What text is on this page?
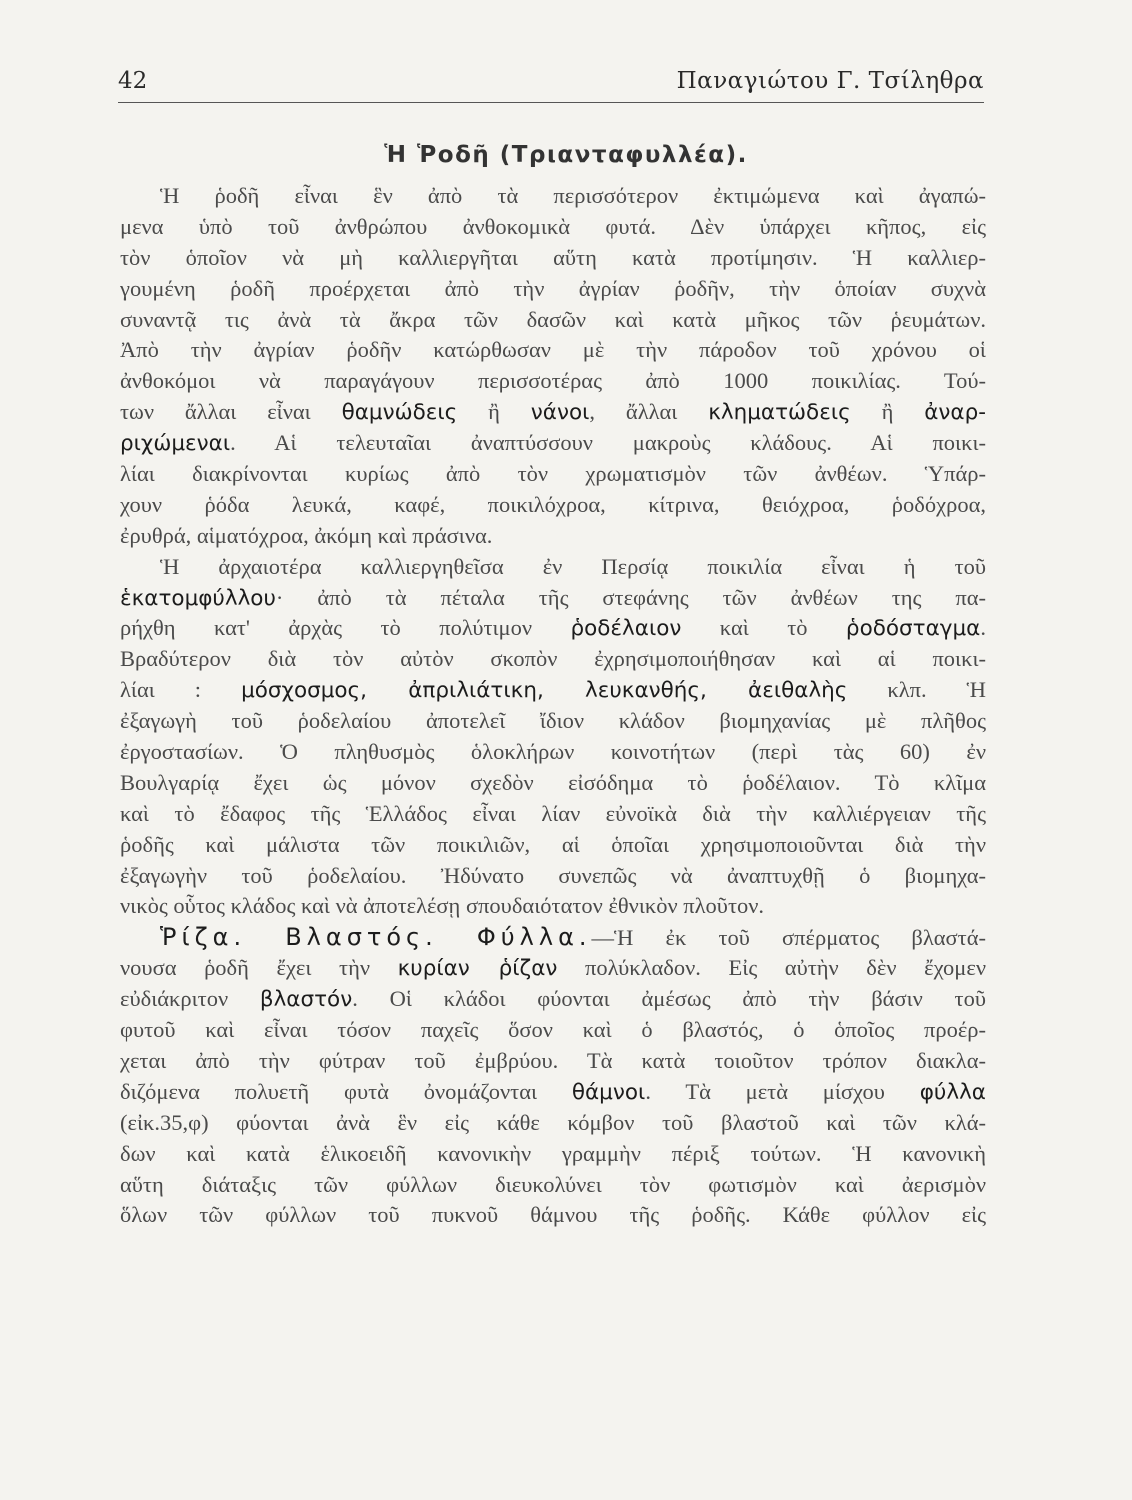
42	Παναγιώτου Γ. Τσίληθρα
Ἡ Ῥοδῆ (Τριανταφυλλέα).
Ἡ ῥοδῆ εἶναι ἓν ἀπὸ τὰ περισσότερον ἐκτιμώμενα καὶ ἀγαπώ-
μενα ὑπὸ τοῦ ἀνθρώπου ἀνθοκομικὰ φυτά. Δὲν ὑπάρχει κῆπος, εἰς
τὸν ὁποῖον νὰ μὴ καλλιεργῆται αὕτη κατὰ προτίμησιν. Ἡ καλλιερ-
γουμένη ῥοδῆ προέρχεται ἀπὸ τὴν ἀγρίαν ῥοδῆν, τὴν ὁποίαν συχνὰ
συναντᾷ τις ἀνὰ τὰ ἄκρα τῶν δασῶν καὶ κατὰ μῆκος τῶν ῥευμάτων.
Ἀπὸ τὴν ἀγρίαν ῥοδῆν κατώρθωσαν μὲ τὴν πάροδον τοῦ χρόνου οἱ
ἀνθοκόμοι νὰ παραγάγουν περισσοτέρας ἀπὸ 1000 ποικιλίας. Τού-
των ἄλλαι εἶναι θαμνώδεις ἢ νάνοι, ἄλλαι κληματώδεις ἢ ἀναρ-
ριχώμεναι. Αἱ τελευταῖαι ἀναπτύσσουν μακροὺς κλάδους. Αἱ ποικι-
λίαι διακρίνονται κυρίως ἀπὸ τὸν χρωματισμὸν τῶν ἀνθέων. Ὑπάρ-
χουν ῥόδα λευκά, καφέ, ποικιλόχροα, κίτρινα, θειόχροα, ῥοδόχροα,
ἐρυθρά, αἱματόχροα, ἀκόμη καὶ πράσινα.
Ἡ ἀρχαιοτέρα καλλιεργηθεῖσα ἐν Περσίᾳ ποικιλία εἶναι ἡ τοῦ
ἑκατομφύλλου· ἀπὸ τὰ πέταλα τῆς στεφάνης τῶν ἀνθέων της πα-
ρήχθη κατ' ἀρχὰς τὸ πολύτιμον ῥοδέλαιον καὶ τὸ ῥοδόσταγμα.
Βραδύτερον διὰ τὸν αὐτὸν σκοπὸν ἐχρησιμοποιήθησαν καὶ αἱ ποικι-
λίαι : μόσχοσμος, ἀπριλιάτικη, λευκανθής, ἀειθαλὴς κλπ. Ἡ
ἐξαγωγὴ τοῦ ῥοδελαίου ἀποτελεῖ ἴδιον κλάδον βιομηχανίας μὲ πλῆθος
ἐργοστασίων. Ὁ πληθυσμὸς ὁλοκλήρων κοινοτήτων (περὶ τὰς 60) ἐν
Βουλγαρίᾳ ἔχει ὡς μόνον σχεδὸν εἰσόδημα τὸ ῥοδέλαιον. Τὸ κλῖμα
καὶ τὸ ἔδαφος τῆς Ἑλλάδος εἶναι λίαν εὐνοϊκὰ διὰ τὴν καλλιέργειαν τῆς
ῥοδῆς καὶ μάλιστα τῶν ποικιλιῶν, αἱ ὁποῖαι χρησιμοποιοῦνται διὰ τὴν
ἐξαγωγὴν τοῦ ῥοδελαίου. Ἠδύνατο συνεπῶς νὰ ἀναπτυχθῇ ὁ βιομηχα-
νικὸς οὗτος κλάδος καὶ νὰ ἀποτελέσῃ σπουδαιότατον ἐθνικὸν πλοῦτον.
Ῥίζα. Βλαστός. Φύλλα.—Ἡ ἐκ τοῦ σπέρματος βλαστά-
νουσα ῥοδῆ ἔχει τὴν κυρίαν ῥίζαν πολύκλαδον. Εἰς αὐτὴν δὲν ἔχομεν
εὐδιάκριτον βλαστόν. Οἱ κλάδοι φύονται ἀμέσως ἀπὸ τὴν βάσιν τοῦ
φυτοῦ καὶ εἶναι τόσον παχεῖς ὅσον καὶ ὁ βλαστός, ὁ ὁποῖος προέρ-
χεται ἀπὸ τὴν φύτραν τοῦ ἐμβρύου. Τὰ κατὰ τοιοῦτον τρόπον διακλα-
διζόμενα πολυετῆ φυτὰ ὀνομάζονται θάμνοι. Τὰ μετὰ μίσχου φύλλα
(εἰκ.35,φ) φύονται ἀνὰ ἓν εἰς κάθε κόμβον τοῦ βλαστοῦ καὶ τῶν κλά-
δων καὶ κατὰ ἑλικοειδῆ κανονικὴν γραμμὴν πέριξ τούτων. Ἡ κανονικὴ
αὕτη διάταξις τῶν φύλλων διευκολύνει τὸν φωτισμὸν καὶ ἀερισμὸν
ὅλων τῶν φύλλων τοῦ πυκνοῦ θάμνου τῆς ῥοδῆς. Κάθε φύλλον εἰς
